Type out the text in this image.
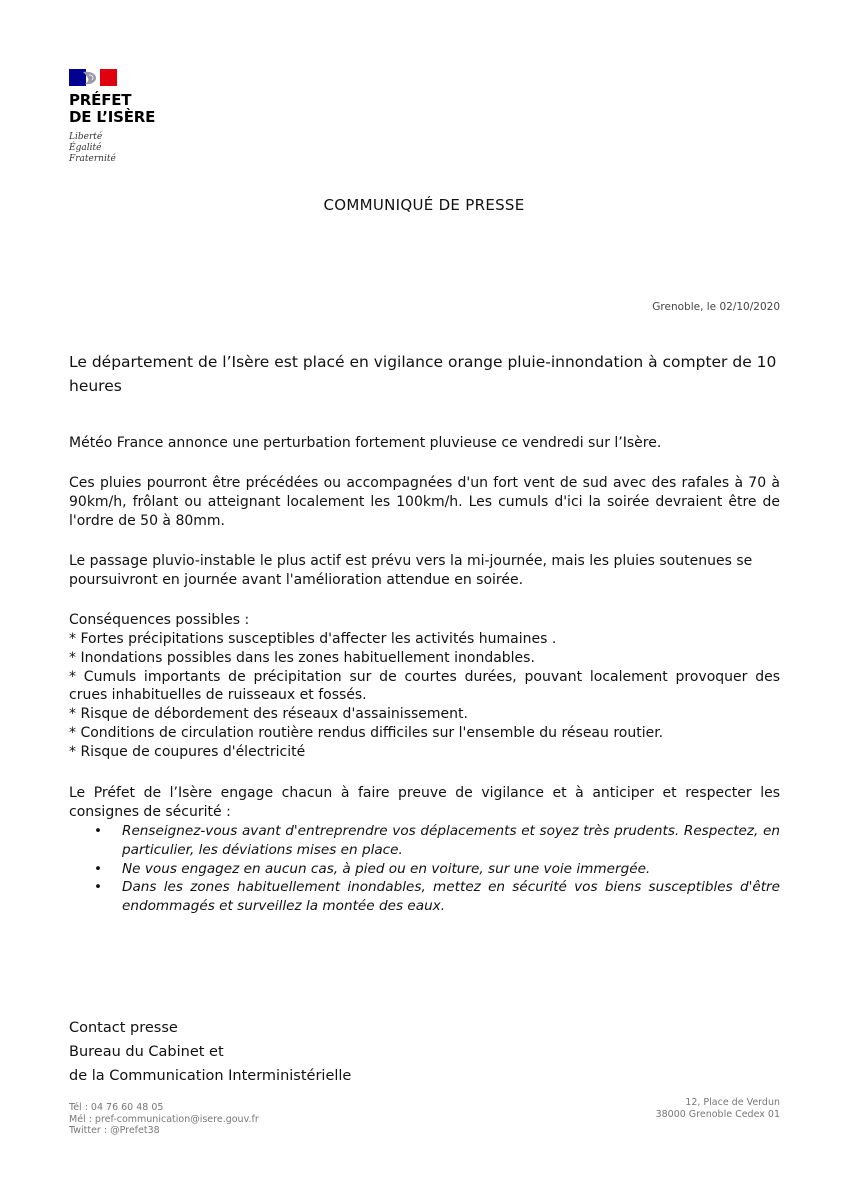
PRÉFET
DE L’ISÈRE
Liberté
Égalité
Fraternité
COMMUNIQUÉ DE PRESSE
Grenoble, le 02/10/2020
Le département de l’Isère est placé en vigilance orange pluie-innondation à compter de 10 heures
Météo France annonce une perturbation fortement pluvieuse ce vendredi sur l’Isère.
Ces pluies pourront être précédées ou accompagnées d'un fort vent de sud avec des rafales à 70 à 90km/h, frôlant ou atteignant localement les 100km/h. Les cumuls d'ici la soirée devraient être de l'ordre de 50 à 80mm.
Le passage pluvio-instable le plus actif est prévu vers la mi-journée, mais les pluies soutenues se poursuivront en journée avant l'amélioration attendue en soirée.
Conséquences possibles :
* Fortes précipitations susceptibles d'affecter les activités humaines .
* Inondations possibles dans les zones habituellement inondables.
* Cumuls importants de précipitation sur de courtes durées, pouvant localement provoquer des crues inhabituelles de ruisseaux et fossés.
* Risque de débordement des réseaux d'assainissement.
* Conditions de circulation routière rendus difficiles sur l'ensemble du réseau routier.
* Risque de coupures d'électricité
Le Préfet de l’Isère engage chacun à faire preuve de vigilance et à anticiper et respecter les consignes de sécurité :
• Renseignez-vous avant d'entreprendre vos déplacements et soyez très prudents. Respectez, en particulier, les déviations mises en place.
• Ne vous engagez en aucun cas, à pied ou en voiture, sur une voie immergée.
• Dans les zones habituellement inondables, mettez en sécurité vos biens susceptibles d'être endommagés et surveillez la montée des eaux.
Contact presse
Bureau du Cabinet et
de la Communication Interministérielle
Tél : 04 76 60 48 05
Mél : pref-communication@isere.gouv.fr
Twitter : @Prefet38
12, Place de Verdun
38000 Grenoble Cedex 01
